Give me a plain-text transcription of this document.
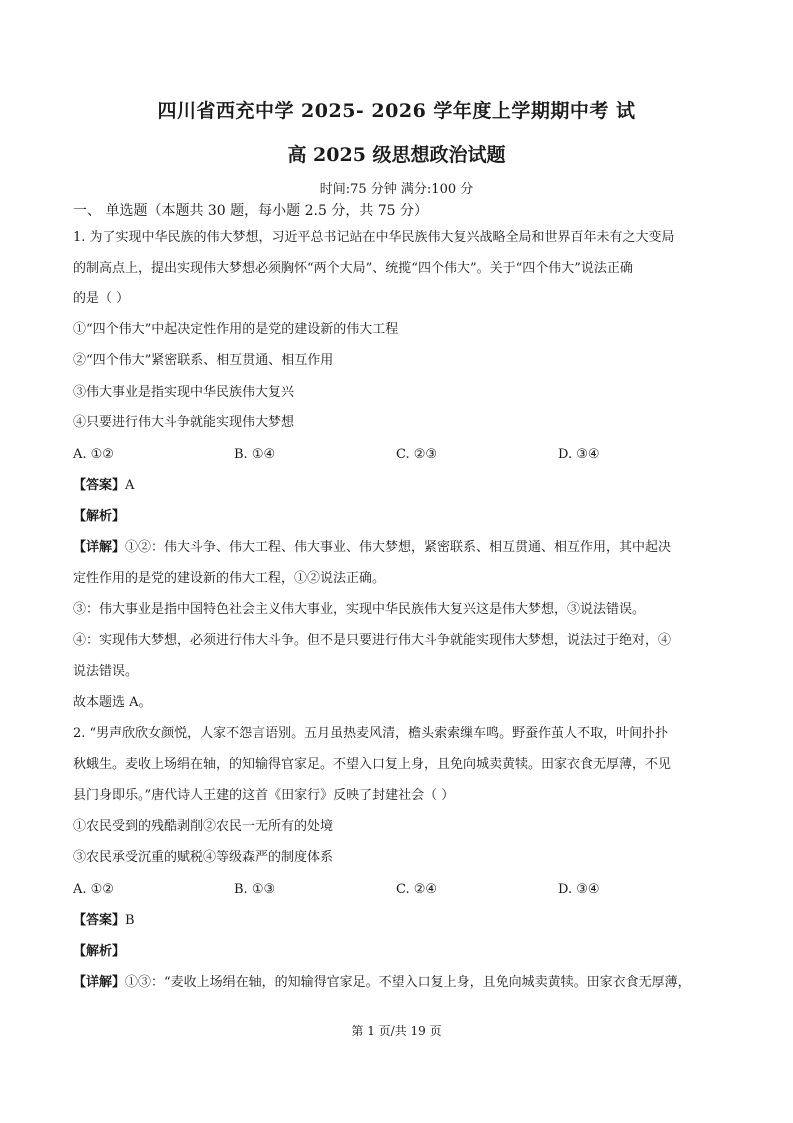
四川省西充中学 2025- 2026 学年度上学期期中考 试
高 2025 级思想政治试题
时间:75 分钟 满分:100 分
一、 单选题（本题共 30 题，每小题 2.5 分，共 75 分）
1. 为了实现中华民族的伟大梦想，习近平总书记站在中华民族伟大复兴战略全局和世界百年未有之大变局
的制高点上，提出实现伟大梦想必须胸怀“两个大局”、统揽“四个伟大”。关于“四个伟大”说法正确
的是（ ）
①“四个伟大”中起决定性作用的是党的建设新的伟大工程
②“四个伟大”紧密联系、相互贯通、相互作用
③伟大事业是指实现中华民族伟大复兴
④只要进行伟大斗争就能实现伟大梦想
A. ①②	B. ①④	C. ②③	D. ③④
【答案】A
【解析】
【详解】①②：伟大斗争、伟大工程、伟大事业、伟大梦想，紧密联系、相互贯通、相互作用，其中起决
定性作用的是党的建设新的伟大工程，①②说法正确。
③：伟大事业是指中国特色社会主义伟大事业，实现中华民族伟大复兴这是伟大梦想，③说法错误。
④：实现伟大梦想，必须进行伟大斗争。但不是只要进行伟大斗争就能实现伟大梦想，说法过于绝对，④
说法错误。
故本题选 A。
2. “男声欣欣女颜悦，人家不怨言语别。五月虽热麦风清，檐头索索缫车鸣。野蚕作茧人不取，叶间扑扑
秋蛾生。麦收上场绢在轴，的知输得官家足。不望入口复上身，且免向城卖黄犊。田家衣食无厚薄，不见
县门身即乐。”唐代诗人王建的这首《田家行》反映了封建社会（ ）
①农民受到的残酷剥削②农民一无所有的处境
③农民承受沉重的赋税④等级森严的制度体系
A. ①②	B. ①③	C. ②④	D. ③④
【答案】B
【解析】
【详解】①③：“麦收上场绢在轴，的知输得官家足。不望入口复上身，且免向城卖黄犊。田家衣食无厚薄，
第 1 页/共 19 页
